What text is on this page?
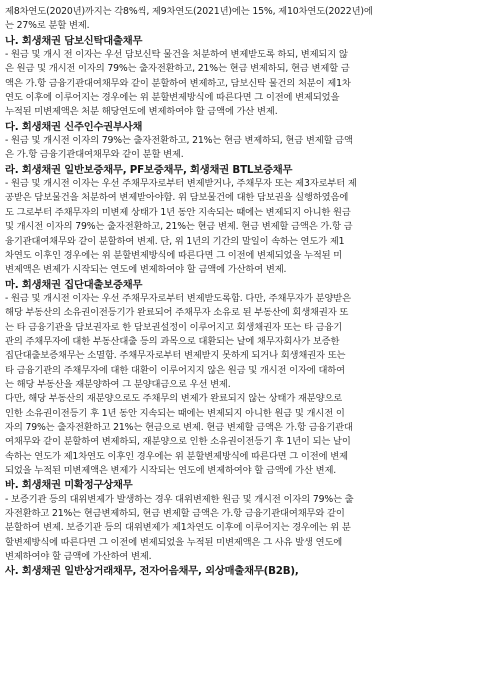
제8차연도(2020년)까지는 각8%씩, 제9차연도(2021년)에는 15%, 제10차연도(2022년)에
는 27%로 분할 변제.
나. 회생채권 담보신탁대출채무
- 원금 및 개시 전 이자는 우선 담보신탁 물건을 처분하여 변제받도록 하되, 변제되지 않
은 원금 및 개시전 이자의 79%는 출자전환하고, 21%는 현금 변제하되, 현금 변제할 금
액은 가.항 금융기관대여채무와 같이 분할하여 변제하고, 담보신탁 물건의 처분이 제1차
연도 이후에 이루어지는 경우에는 위 분할변제방식에 따른다면 그 이전에 변제되었을
누적된 미변제액은 처분 해당연도에 변제하여야 할 금액에 가산 변제.
다. 회생채권 신주인수권부사채
- 원금 및 개시전 이자의 79%는 출자전환하고, 21%는 현금 변제하되, 현금 변제할 금액
은 가.항 금융기관대여채무와 같이 분할 변제.
라. 회생채권 일반보증채무, PF보증채무, 회생채권 BTL보증채무
- 원금 및 개시전 이자는 우선 주채무자로부터 변제받거나, 주채무자 또는 제3자로부터 제
공받은 담보물건을 처분하여 변제받아야함. 위 담보물건에 대한 담보권을 실행하였음에
도 그로부터 주채무자의 미변제 상태가 1년 동안 지속되는 때에는 변제되지 아니한 원금
및 개시전 이자의 79%는 출자전환하고, 21%는 현금 변제. 현금 변제할 금액은 가.항 금
융기관대여채무와 같이 분할하여 변제. 단, 위 1년의 기간의 말일이 속하는 연도가 제1
차연도 이후인 경우에는 위 분할변제방식에 따른다면 그 이전에 변제되었을 누적된 미
변제액은 변제가 시작되는 연도에 변제하여야 할 금액에 가산하여 변제.
마. 회생채권 집단대출보증채무
- 원금 및 개시전 이자는 우선 주채무자로부터 변제받도록함. 다만, 주채무자가 분양받은
해당 부동산의 소유권이전등기가 완료되어 주채무자 소유로 된 부동산에 회생채권자 또
는 타 금융기관을 담보권자로 한 담보권설정이 이루어지고 회생채권자 또는 타 금융기
관의 주채무자에 대한 부동산대출 등의 과목으로 대환되는 날에 채무자회사가 보증한
집단대출보증채무는 소멸함. 주채무자로부터 변제받지 못하게 되거나 회생채권자 또는
타 금융기관의 주채무자에 대한 대환이 이루어지지 않은 원금 및 개시전 이자에 대하여
는 해당 부동산을 재분양하여 그 분양대금으로 우선 변제.
다만, 해당 부동산의 재분양으로도 주채무의 변제가 완료되지 않는 상태가 재분양으로
인한 소유권이전등기 후 1년 동안 지속되는 때에는 변제되지 아니한 원금 및 개시전 이
자의 79%는 출자전환하고 21%는 현금으로 변제. 현금 변제할 금액은 가.항 금융기관대
여채무와 같이 분할하여 변제하되, 재분양으로 인한 소유권이전등기 후 1년이 되는 날이
속하는 연도가 제1차연도 이후인 경우에는 위 분할변제방식에 따른다면 그 이전에 변제
되었을 누적된 미변제액은 변제가 시작되는 연도에 변제하여야 할 금액에 가산 변제.
바. 회생채권 미확정구상채무
- 보증기관 등의 대위변제가 발생하는 경우 대위변제한 원금 및 개시전 이자의 79%는 출
자전환하고 21%는 현금변제하되, 현금 변제할 금액은 가.항 금융기관대여채무와 같이
분할하여 변제. 보증기관 등의 대위변제가 제1차연도 이후에 이루어지는 경우에는 위 분
할변제방식에 따른다면 그 이전에 변제되었을 누적된 미변제액은 그 사유 발생 연도에
변제하여야 할 금액에 가산하여 변제.
사. 회생채권 일반상거래채무, 전자어음채무, 외상매출채무(B2B),
